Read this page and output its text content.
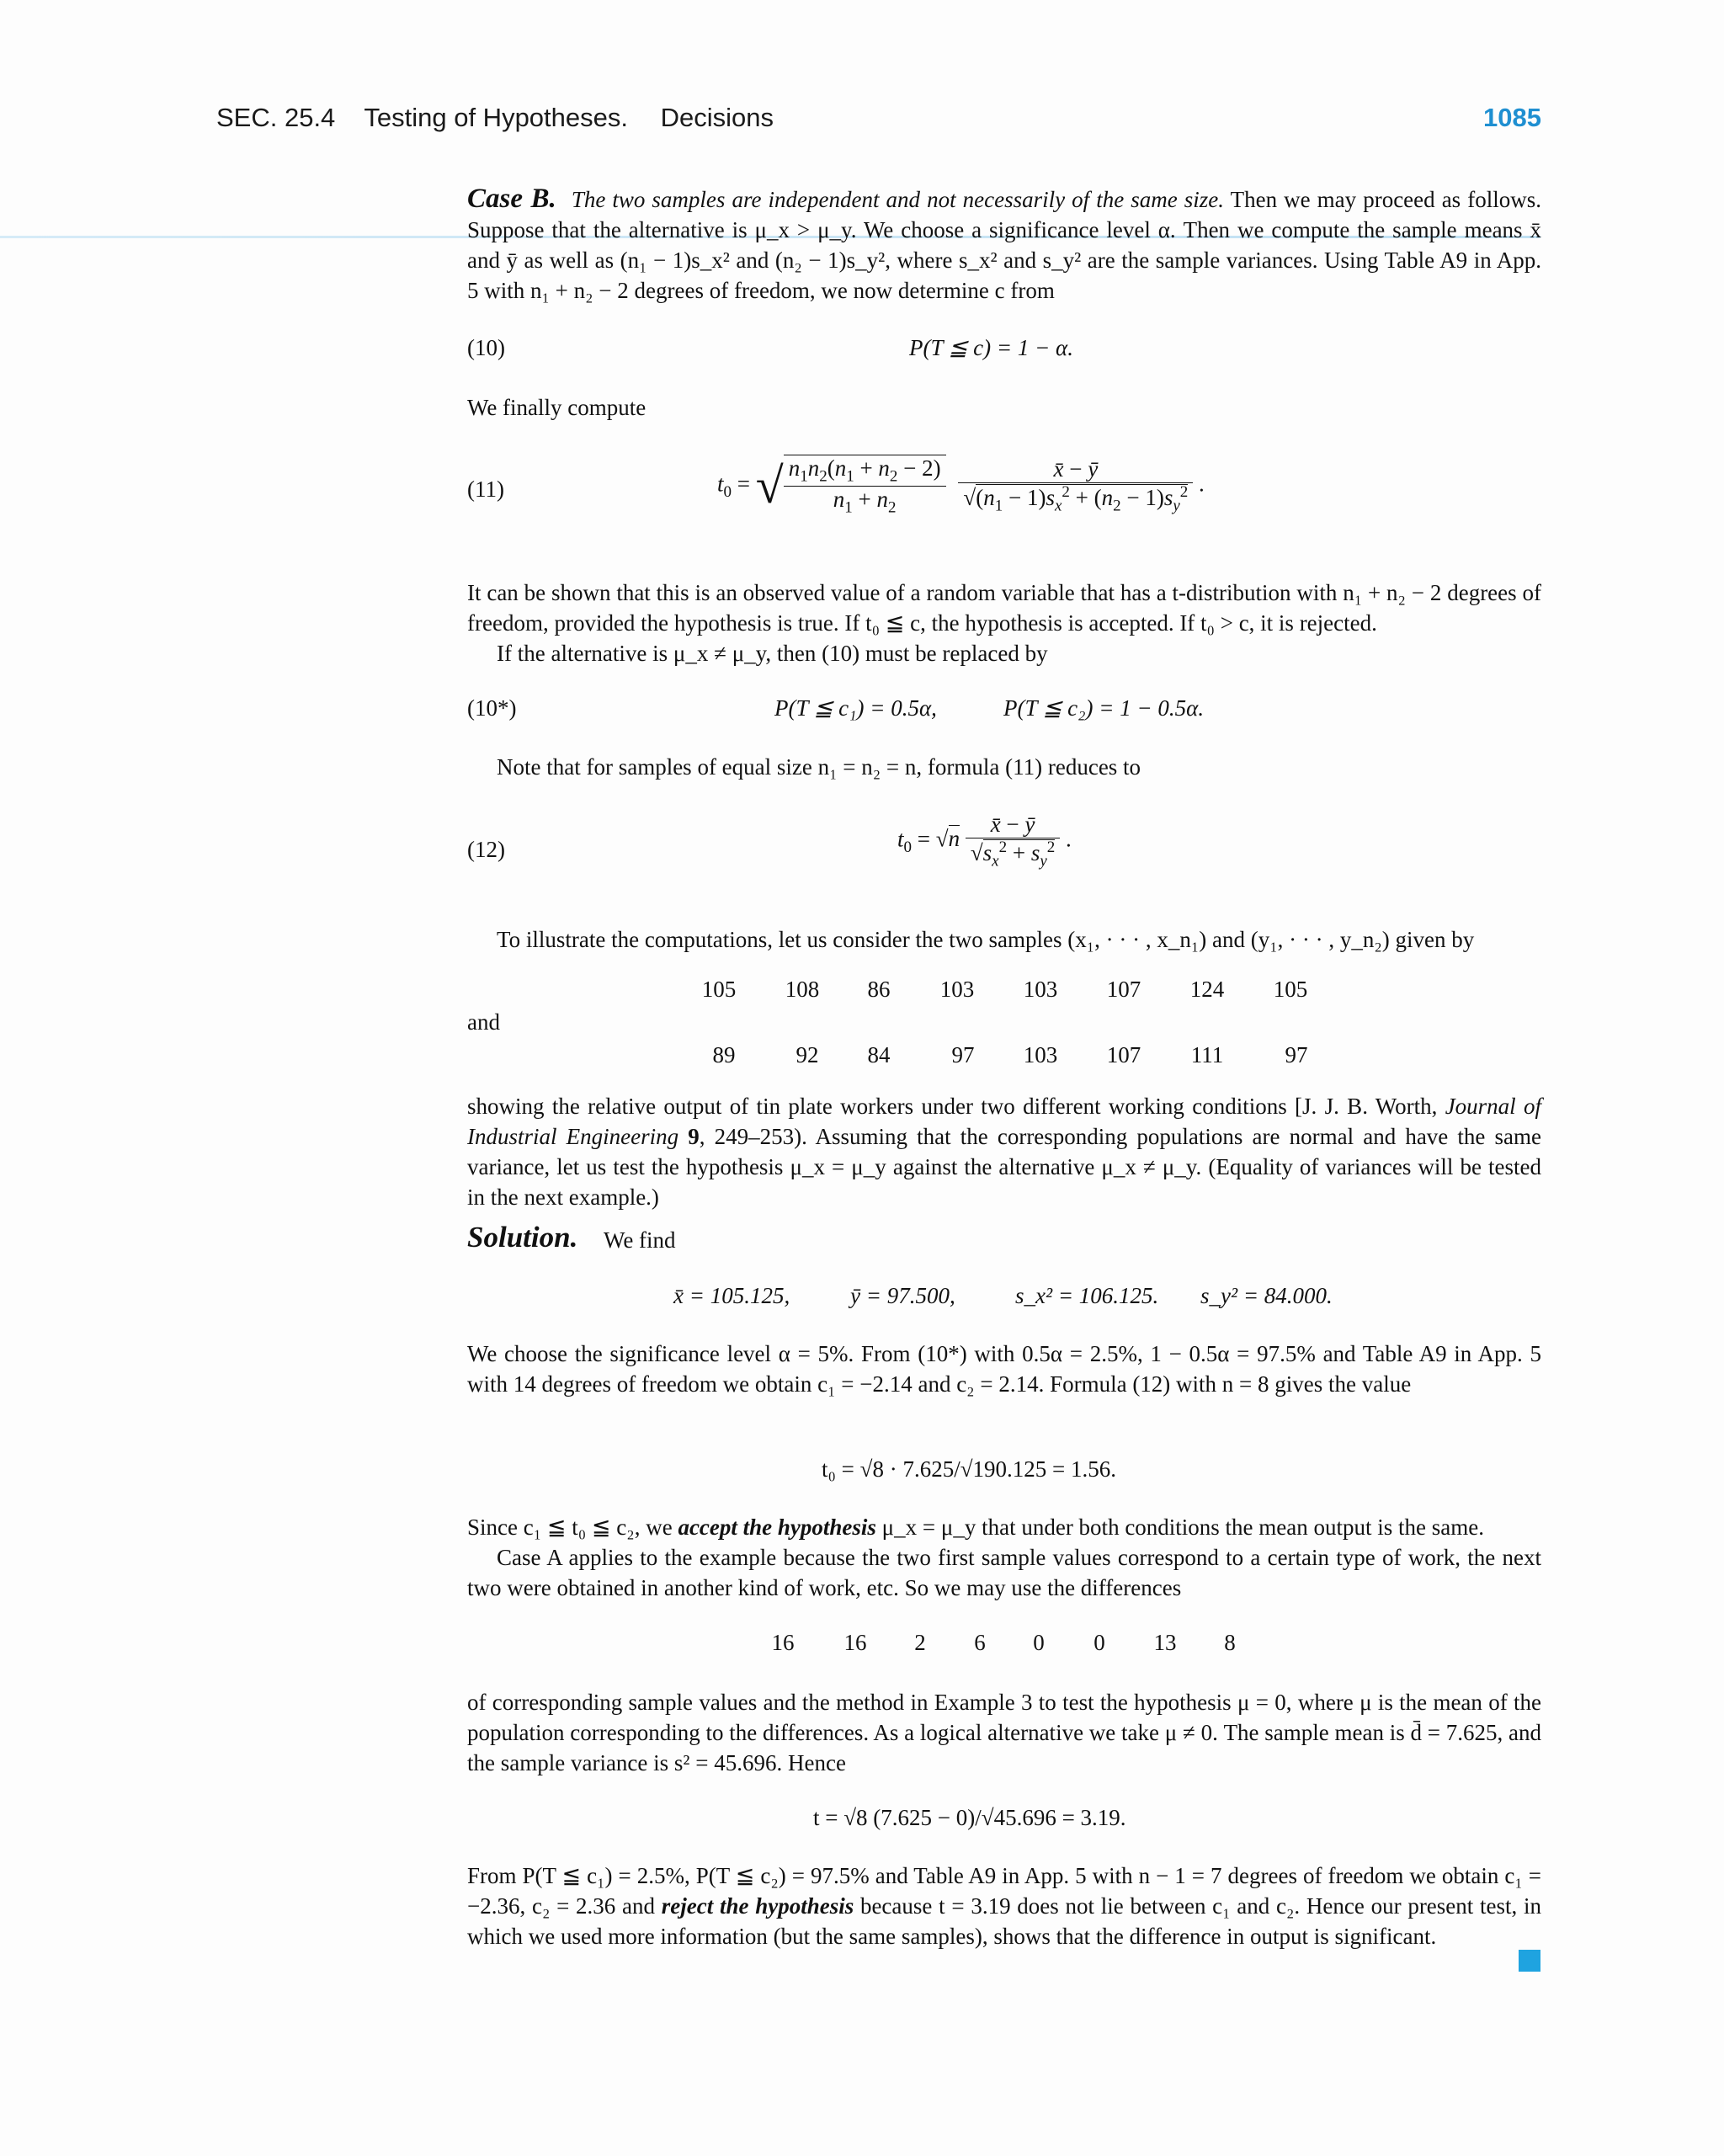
SEC. 25.4 Testing of Hypotheses. Decisions	1085
Case B. The two samples are independent and not necessarily of the same size. Then we may proceed as follows. Suppose that the alternative is μ_x > μ_y. We choose a significance level α. Then we compute the sample means x̄ and ȳ as well as (n₁ − 1)s_x² and (n₂ − 1)s_y², where s_x² and s_y² are the sample variances. Using Table A9 in App. 5 with n₁ + n₂ − 2 degrees of freedom, we now determine c from
(10)	P(T ≦ c) = 1 − α.
We finally compute
(11)	$t_0$ = √ $\frac{n_1n_2(n_1 + n_2 - 2)}{n_1 + n_2}$
$\frac{x̄ - ȳ}{√(n_1 - 1)s_x^2 + (n_2 - 1)s_y^2}$ .
It can be shown that this is an observed value of a random variable that has a t-distribution with n₁ + n₂ − 2 degrees of freedom, provided the hypothesis is true. If t₀ ≦ c, the hypothesis is accepted. If t₀ > c, it is rejected.
If the alternative is μ_x ≠ μ_y, then (10) must be replaced by
(10*)	P(T ≦ c₁) = 0.5α,	P(T ≦ c₂) = 1 − 0.5α.
Note that for samples of equal size n₁ = n₂ = n, formula (11) reduces to
(12)	$t_0 = √n \frac{x̄ - ȳ}{√s_x^2 + s_y^2}$ .
To illustrate the computations, let us consider the two samples (x₁, · · · , x_n₁) and (y₁, · · · , y_n₂) given by
105	108	86	103	103	107	124	105
and
89	92	84	97	103	107	111	97
showing the relative output of tin plate workers under two different working conditions [J. J. B. Worth, Journal of Industrial Engineering 9, 249–253). Assuming that the corresponding populations are normal and have the same variance, let us test the hypothesis μ_x = μ_y against the alternative μ_x ≠ μ_y. (Equality of variances will be tested in the next example.)
Solution. We find
x̄ = 105.125,	ȳ = 97.500,	s_x² = 106.125. s_y² = 84.000.
We choose the significance level α = 5%. From (10*) with 0.5α = 2.5%, 1 − 0.5α = 97.5% and Table A9 in App. 5 with 14 degrees of freedom we obtain c₁ = −2.14 and c₂ = 2.14. Formula (12) with n = 8 gives the value
t₀ = √8 · 7.625/√190.125 = 1.56.
Since c₁ ≦ t₀ ≦ c₂, we accept the hypothesis μ_x = μ_y that under both conditions the mean output is the same.
Case A applies to the example because the two first sample values correspond to a certain type of work, the next two were obtained in another kind of work, etc. So we may use the differences
16	16	2	6	0	0	13	8
of corresponding sample values and the method in Example 3 to test the hypothesis μ = 0, where μ is the mean of the population corresponding to the differences. As a logical alternative we take μ ≠ 0. The sample mean is d̄ = 7.625, and the sample variance is s² = 45.696. Hence
t = √8 (7.625 − 0)/√45.696 = 3.19.
From P(T ≦ c₁) = 2.5%, P(T ≦ c₂) = 97.5% and Table A9 in App. 5 with n − 1 = 7 degrees of freedom we obtain c₁ = −2.36, c₂ = 2.36 and reject the hypothesis because t = 3.19 does not lie between c₁ and c₂. Hence our present test, in which we used more information (but the same samples), shows that the difference in output is significant.
